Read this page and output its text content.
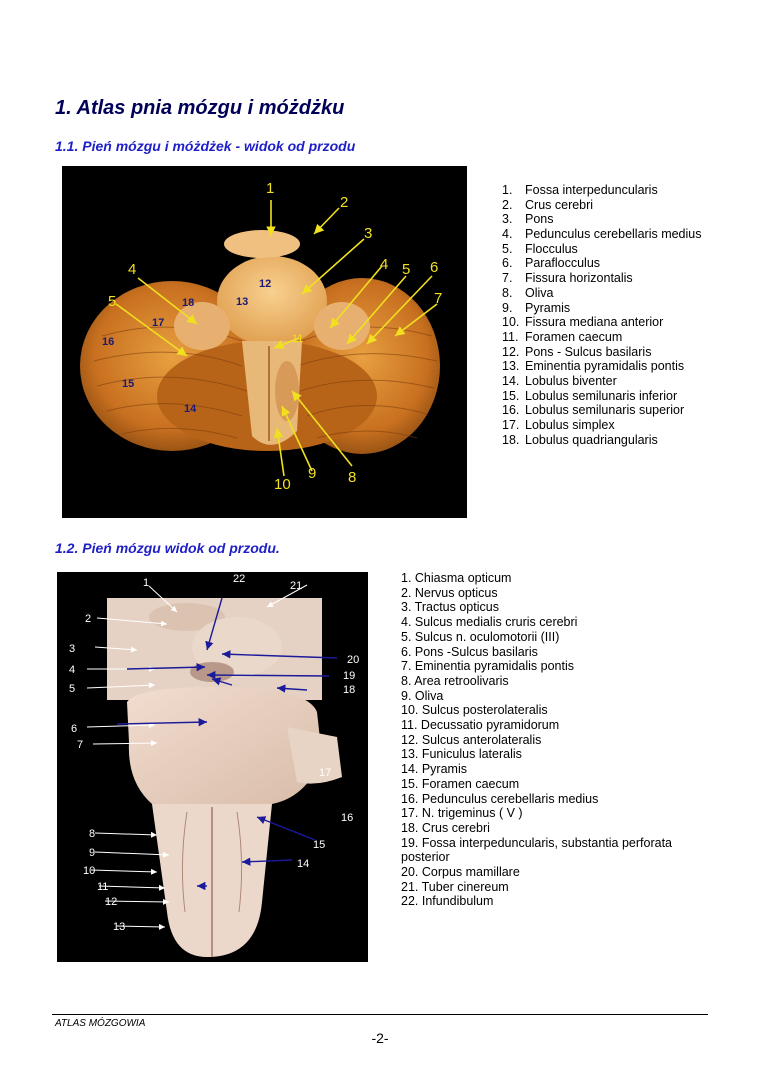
1. Atlas pnia mózgu i móżdżku
1.1. Pień mózgu i móżdżek - widok od przodu
1
2
3
4	4
5
5 6
7
8
9
10
11
12
13
14
15
16
17
18
1. Fossa interpeduncularis
2. Crus cerebri
3. Pons
4. Pedunculus cerebellaris medius
5. Flocculus
6. Paraflocculus
7. Fissura horizontalis
8. Oliva
9. Pyramis
10. Fissura mediana anterior
11. Foramen caecum
12. Pons - Sulcus basilaris
13. Eminentia pyramidalis pontis
14. Lobulus biventer
15. Lobulus semilunaris inferior
16. Lobulus semilunaris superior
17. Lobulus simplex
18. Lobulus quadriangularis
1.2. Pień mózgu widok od przodu.
1
2
3
4
5
6
7
8
9
10
11
12
13
14
15
16
17
18
19
20
21
22	1. Chiasma opticum
2. Nervus opticus
3. Tractus opticus
4. Sulcus medialis cruris cerebri
5. Sulcus n. oculomotorii (III)
6. Pons -Sulcus basilaris
7. Eminentia pyramidalis pontis
8. Area retroolivaris
9. Oliva
10. Sulcus posterolateralis
11. Decussatio pyramidorum
12. Sulcus anterolateralis
13. Funiculus lateralis
14. Pyramis
15. Foramen caecum
16. Pedunculus cerebellaris medius
17. N. trigeminus ( V )
18. Crus cerebri
19. Fossa interpeduncularis, substantia perforata posterior
20. Corpus mamillare
21. Tuber cinereum
22. Infundibulum
ATLAS MÓZGOWIA
-2-
